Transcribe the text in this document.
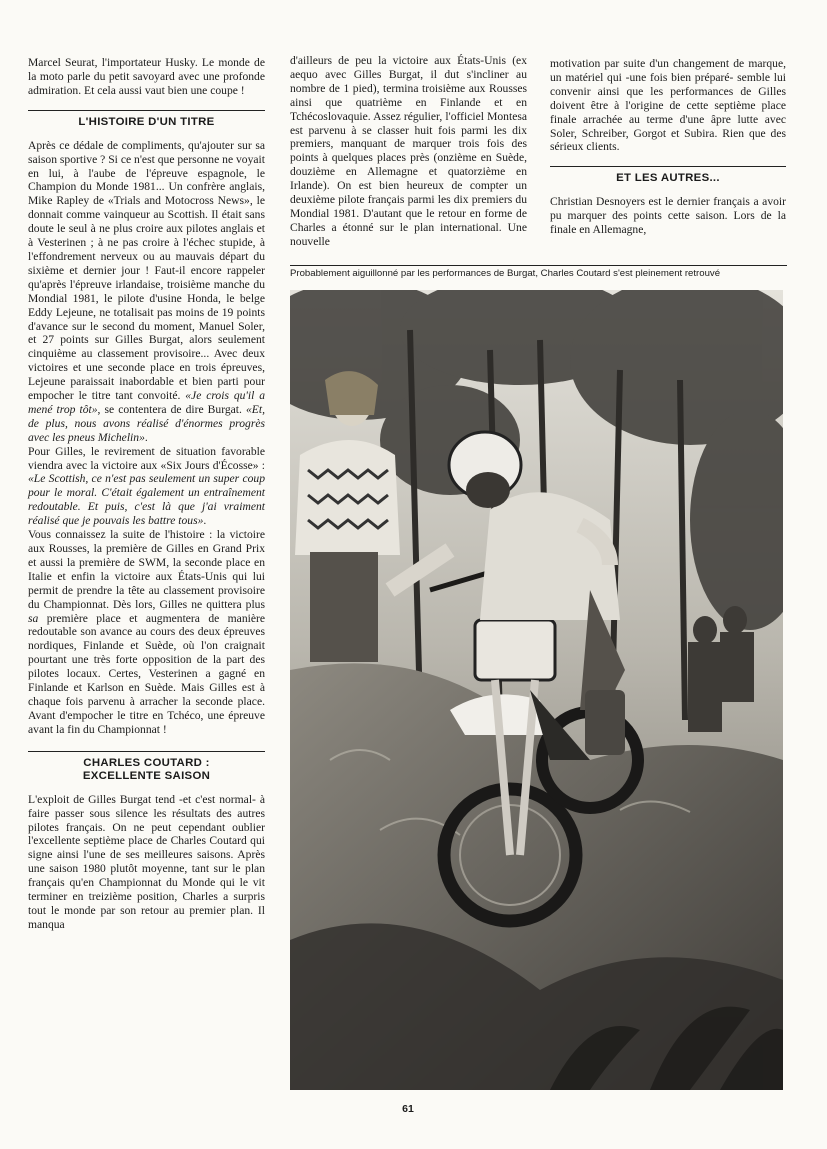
Marcel Seurat, l'importateur Husky. Le monde de la moto parle du petit savoyard avec une profonde admiration. Et cela aussi vaut bien une coupe !

L'HISTOIRE D'UN TITRE

Après ce dédale de compliments, qu'ajouter sur sa saison sportive ? Si ce n'est que personne ne voyait en lui, à l'aube de l'épreuve espagnole, le Champion du Monde 1981... Un confrère anglais, Mike Rapley de «Trials and Motocross News», le donnait comme vainqueur au Scottish. Il était sans doute le seul à ne plus croire aux pilotes anglais et à Vesterinen ; à ne pas croire à l'échec stupide, à l'effondrement nerveux ou au mauvais départ du sixième et dernier jour ! Faut-il encore rappeler qu'après l'épreuve irlandaise, troisième manche du Mondial 1981, le pilote d'usine Honda, le belge Eddy Lejeune, ne totalisait pas moins de 19 points d'avance sur le second du moment, Manuel Soler, et 27 points sur Gilles Burgat, alors seulement cinquième au classement provisoire... Avec deux victoires et une seconde place en trois épreuves, Lejeune paraissait inabordable et bien parti pour empocher le titre tant convoité. «Je crois qu'il a mené trop tôt», se contentera de dire Burgat. «Et, de plus, nous avons réalisé d'énormes progrès avec les pneus Michelin».

Pour Gilles, le revirement de situation favorable viendra avec la victoire aux «Six Jours d'Écosse» : «Le Scottish, ce n'est pas seulement un super coup pour le moral. C'était également un entraînement redoutable. Et puis, c'est là que j'ai vraiment réalisé que je pouvais les battre tous».

Vous connaissez la suite de l'histoire : la victoire aux Rousses, la première de Gilles en Grand Prix et aussi la première de SWM, la seconde place en Italie et enfin la victoire aux États-Unis qui lui permit de prendre la tête au classement provisoire du Championnat. Dès lors, Gilles ne quittera plus sa première place et augmentera de manière redoutable son avance au cours des deux épreuves nordiques, Finlande et Suède, où l'on craignait pourtant une très forte opposition de la part des pilotes locaux. Certes, Vesterinen a gagné en Finlande et Karlson en Suède. Mais Gilles est à chaque fois parvenu à arracher la seconde place. Avant d'empocher le titre en Tchéco, une épreuve avant la fin du Championnat !

CHARLES COUTARD :
EXCELLENTE SAISON

L'exploit de Gilles Burgat tend -et c'est normal- à faire passer sous silence les résultats des autres pilotes français. On ne peut cependant oublier l'excellente septième place de Charles Coutard qui signe ainsi l'une de ses meilleures saisons. Après une saison 1980 plutôt moyenne, tant sur le plan français qu'en Championnat du Monde qui le vit terminer en treizième position, Charles a surpris tout le monde par son retour au premier plan. Il manqua

d'ailleurs de peu la victoire aux États-Unis (ex aequo avec Gilles Burgat, il dut s'incliner au nombre de 1 pied), termina troisième aux Rousses ainsi que quatrième en Finlande et en Tchécoslovaquie. Assez régulier, l'officiel Montesa est parvenu à se classer huit fois parmi les dix premiers, manquant de marquer trois fois des points à quelques places près (onzième en Suède, douzième en Allemagne et quatorzième en Irlande). On est bien heureux de compter un deuxième pilote français parmi les dix premiers du Mondial 1981. D'autant que le retour en forme de Charles a étonné sur le plan international. Une nouvelle

motivation par suite d'un changement de marque, un matériel qui -une fois bien préparé- semble lui convenir ainsi que les performances de Gilles doivent être à l'origine de cette septième place finale arrachée au terme d'une âpre lutte avec Soler, Schreiber, Gorgot et Subira. Rien que des sérieux clients.

ET LES AUTRES...

Christian Desnoyers est le dernier français a avoir pu marquer des points cette saison. Lors de la finale en Allemagne,

Probablement aiguillonné par les performances de Burgat, Charles Coutard s'est pleinement retrouvé
61
